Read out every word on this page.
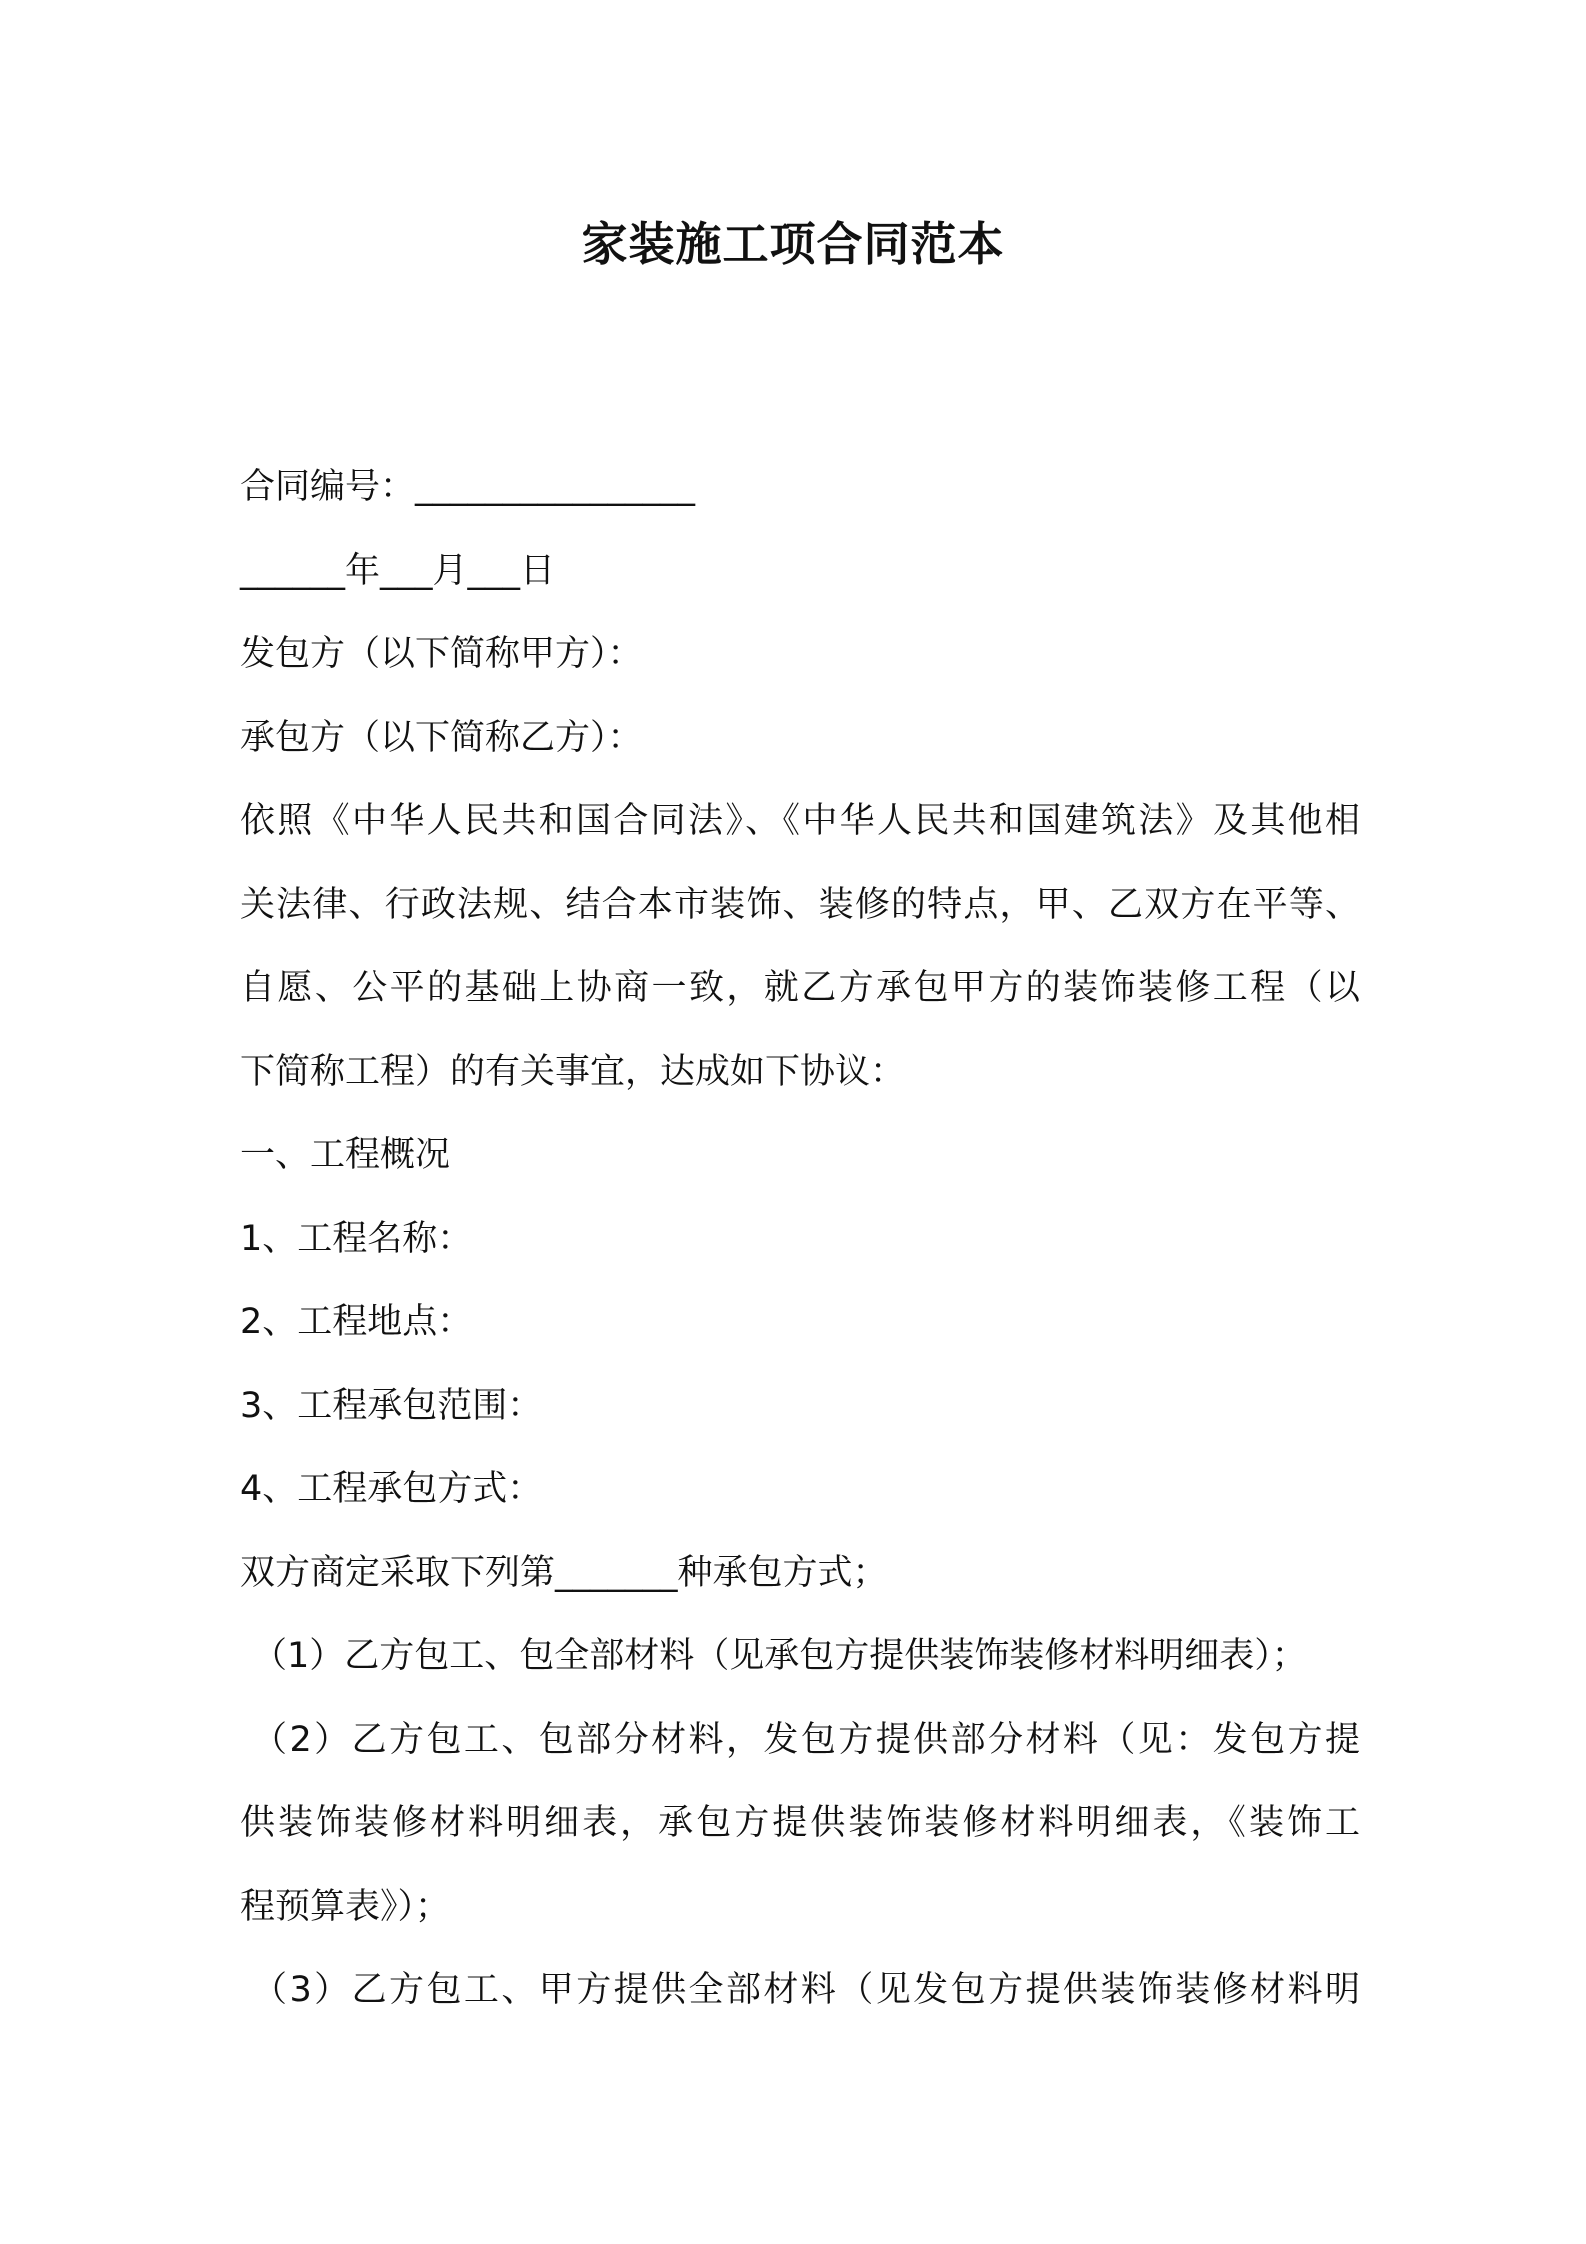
家装施工项合同范本
合同编号：________________
______年___月___日
发包方（以下简称甲方）：
承包方（以下简称乙方）：
依照《中华人民共和国合同法》、《中华人民共和国建筑法》及其他相
关法律、行政法规、结合本市装饰、装修的特点，甲、乙双方在平等、
自愿、公平的基础上协商一致，就乙方承包甲方的装饰装修工程（以
下简称工程）的有关事宜，达成如下协议：
一、工程概况
1、工程名称：
2、工程地点：
3、工程承包范围：
4、工程承包方式：
双方商定采取下列第_______种承包方式；
（1）乙方包工、包全部材料（见承包方提供装饰装修材料明细表）；
（2）乙方包工、包部分材料，发包方提供部分材料（见：发包方提
供装饰装修材料明细表，承包方提供装饰装修材料明细表，《装饰工
程预算表》）；
（3）乙方包工、甲方提供全部材料（见发包方提供装饰装修材料明
